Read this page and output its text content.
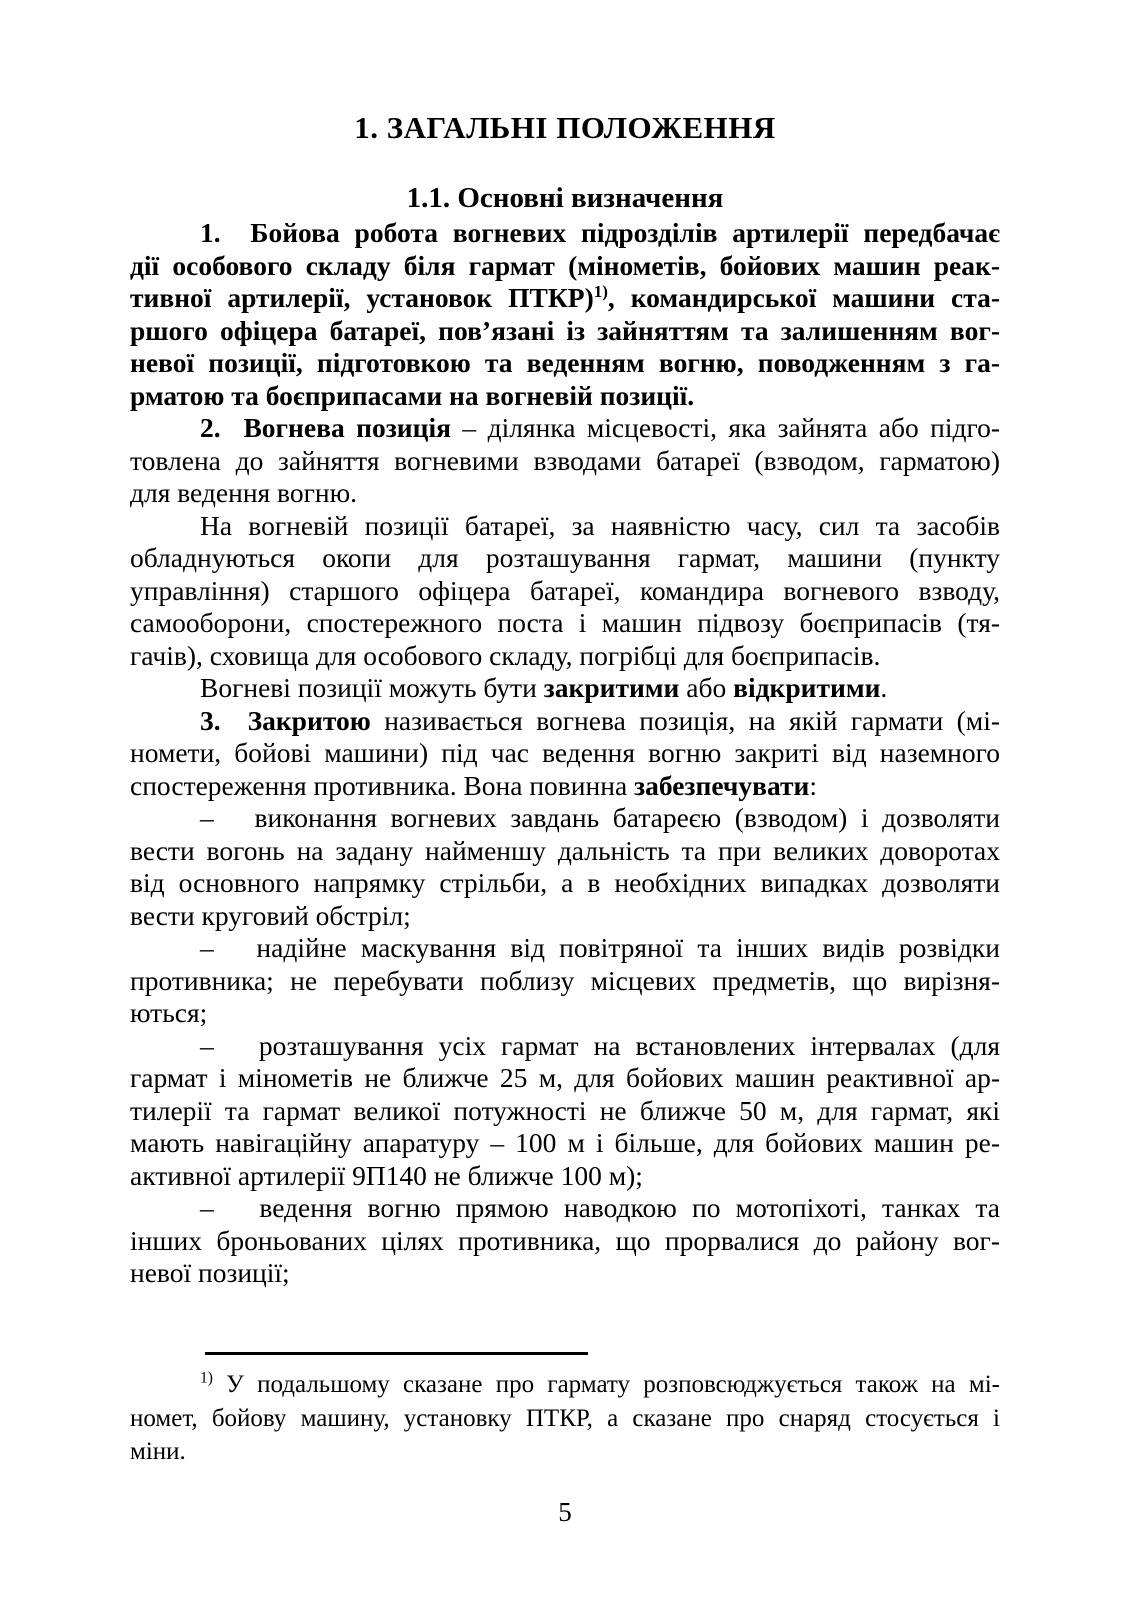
1. ЗАГАЛЬНІ ПОЛОЖЕННЯ
1.1. Основні визначення
1.  Бойова робота вогневих підрозділів артилерії передбачає
дії особового складу біля гармат (мінометів, бойових машин реак-
тивної артилерії, установок ПТКР)$^{1)}$, командирської машини ста-
ршого офіцера батареї, пов’язані із зайняттям та залишенням вог-
невої позиції, підготовкою та веденням вогню, поводженням з га-
рматою та боєприпасами на вогневій позиції.
2.  Вогнева позиція – ділянка місцевості, яка зайнята або підго-
товлена до зайняття вогневими взводами батареї (взводом, гарматою)
для ведення вогню.
На вогневій позиції батареї, за наявністю часу, сил та засобів
обладнуються окопи для розташування гармат, машини (пункту
управління) старшого офіцера батареї, командира вогневого взводу,
самооборони, спостережного поста і машин підвозу боєприпасів (тя-
гачів), сховища для особового складу, погрібці для боєприпасів.
Вогневі позиції можуть бути закритими або відкритими.
3.  Закритою називається вогнева позиція, на якій гармати (мі-
номети, бойові машини) під час ведення вогню закриті від наземного
спостереження противника. Вона повинна забезпечувати:
–   виконання вогневих завдань батареєю (взводом) і дозволяти
вести вогонь на задану найменшу дальність та при великих доворотах
від основного напрямку стрільби, а в необхідних випадках дозволяти
вести круговий обстріл;
–   надійне маскування від повітряної та інших видів розвідки
противника; не перебувати поблизу місцевих предметів, що вирізня-
ються;
–   розташування усіх гармат на встановлених інтервалах (для
гармат і мінометів не ближче 25 м, для бойових машин реактивної ар-
тилерії та гармат великої потужності не ближче 50 м, для гармат, які
мають навігаційну апаратуру – 100 м і більше, для бойових машин ре-
активної артилерії 9П140 не ближче 100 м);
–   ведення вогню прямою наводкою по мотопіхоті, танках та
інших броньованих цілях противника, що прорвалися до району вог-
невої позиції;
$^{1)}$ У подальшому сказане про гармату розповсюджується також на мі-
номет, бойову машину, установку ПТКР, а сказане про снаряд стосується і
міни.
5
